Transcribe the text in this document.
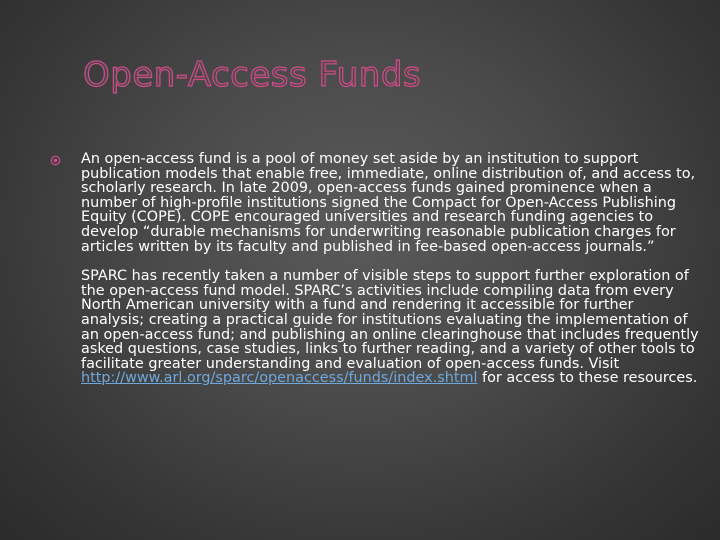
Open-Access Funds

An open-access fund is a pool of money set aside by an institution to support publication models that enable free, immediate, online distribution of, and access to, scholarly research. In late 2009, open-access funds gained prominence when a number of high-profile institutions signed the Compact for Open-Access Publishing Equity (COPE). COPE encouraged universities and research funding agencies to develop “durable mechanisms for underwriting reasonable publication charges for articles written by its faculty and published in fee-based open-access journals.”

SPARC has recently taken a number of visible steps to support further exploration of the open-access fund model. SPARC’s activities include compiling data from every North American university with a fund and rendering it accessible for further analysis; creating a practical guide for institutions evaluating the implementation of an open-access fund; and publishing an online clearinghouse that includes frequently asked questions, case studies, links to further reading, and a variety of other tools to facilitate greater understanding and evaluation of open-access funds. Visit http://www.arl.org/sparc/openaccess/funds/index.shtml for access to these resources.
